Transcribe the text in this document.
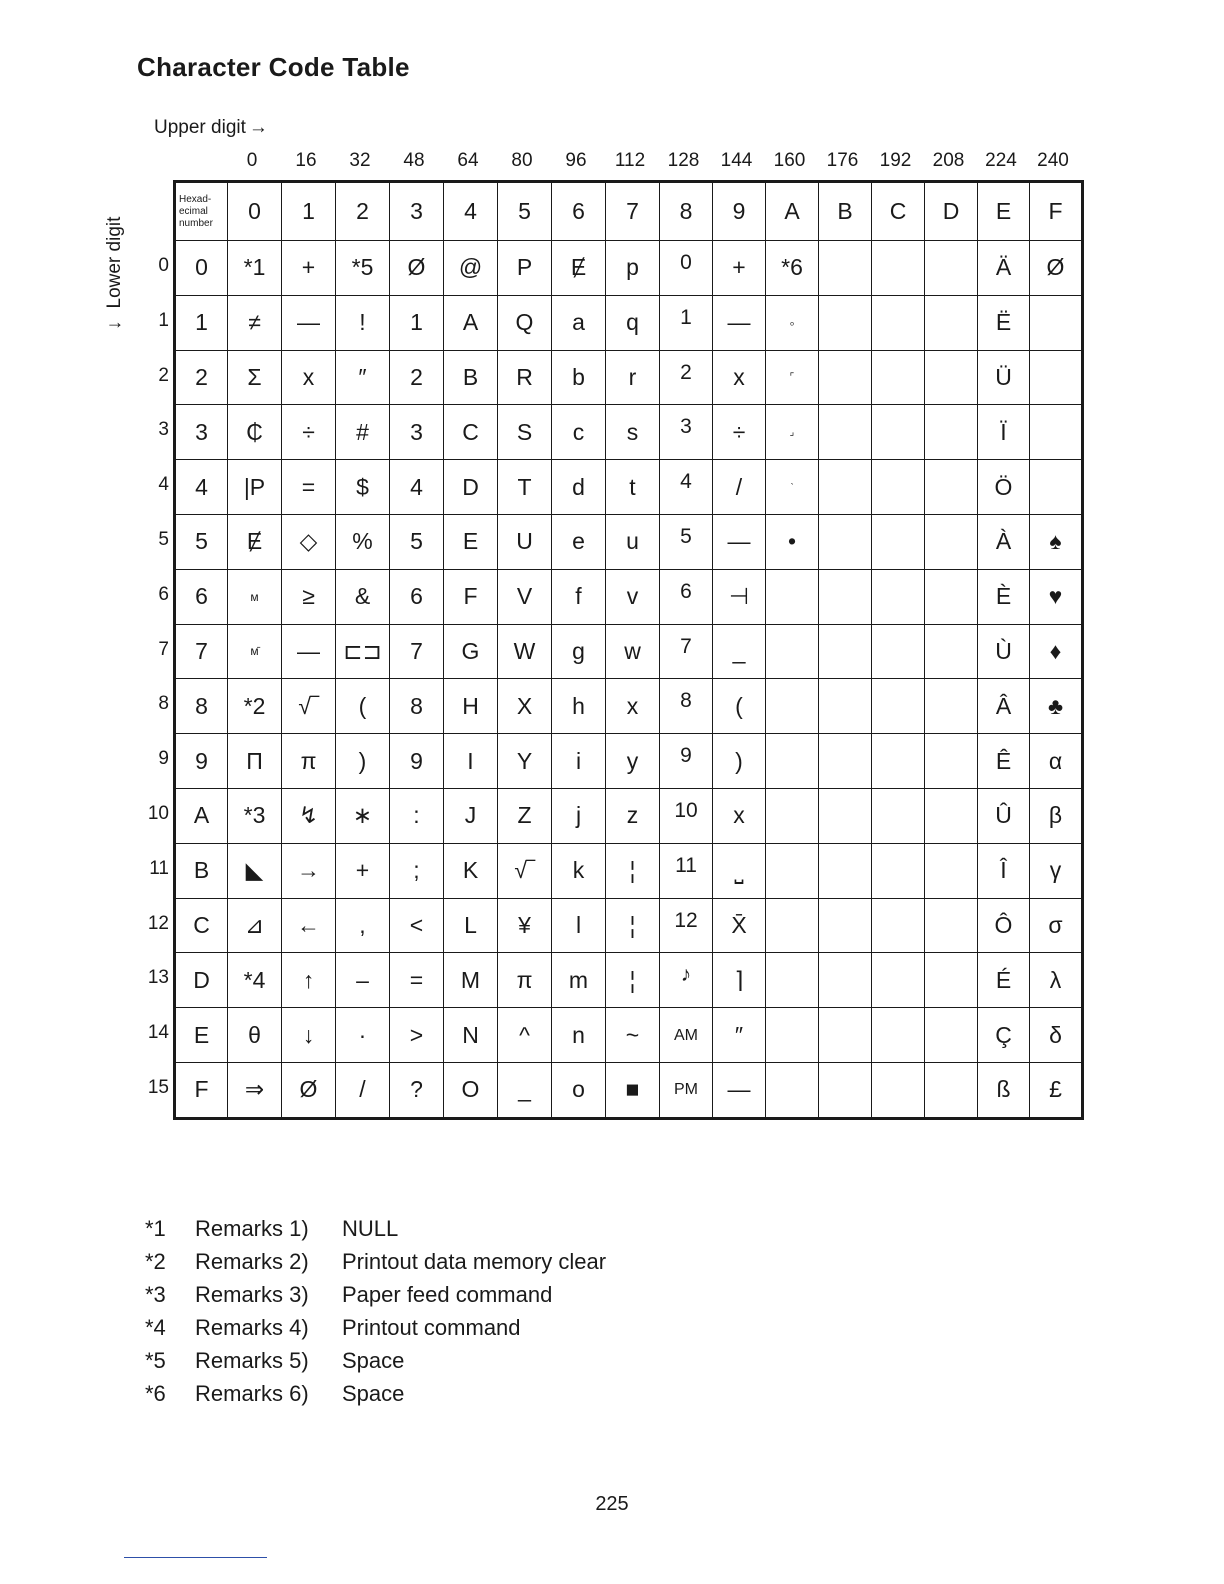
Character Code Table
Upper digit →
0	16	32	48	64	80	96	112	128	144	160	176	192	208	224	240
↓Lower digit	0
1
2
3
4
5
6
7
8
9
10
11
12
13
14
15
Hexad-ecimal number	0	1	2	3	4	5	6	7	8	9	A	B	C	D	E	F
0	*1	+	*5	Ø	@	P	Ɇ	p	0	+	*6				Ä	Ø
1	≠	—	!	1	A	Q	a	q	1	—	ₒ				Ë	
2	Σ	x	″	2	B	R	b	r	2	x	⌜				Ü	
3	₵	÷	#	3	C	S	c	s	3	÷	⌟				Ï	
4	|P	=	$	4	D	T	d	t	4	/	‵				Ö	
5	Ɇ	◇	%	5	E	U	e	u	5	—	•				À	♠
6	ᴍ	≥	&	6	F	V	f	v	6	⊣					È	♥
7	ᴍ̄	—	⊏⊐	7	G	W	g	w	7	_					Ù	♦
8	*2	√‾	(	8	H	X	h	x	8	(					Â	♣
9	Π	π	)	9	I	Y	i	y	9	)					Ê	α
A	*3	↯	∗	:	J	Z	j	z	10	x					Û	β
B	◣	→	+	;	K	√‾	k	¦	11	⎵					Î	γ
C	⊿	←	,	<	L	¥	l	¦	12	X̄					Ô	σ
D	*4	↑	–	=	M	π	m	¦	♪	⌉					É	λ
E	θ	↓	·	>	N	^	n	~	AM	″					Ç	δ
F	⇒	Ø	/	?	O	_	o	■	PM	—					ß	£
*1	Remarks 1)	NULL
*2	Remarks 2)	Printout data memory clear
*3	Remarks 3)	Paper feed command
*4	Remarks 4)	Printout command
*5	Remarks 5)	Space
*6	Remarks 6)	Space
225
